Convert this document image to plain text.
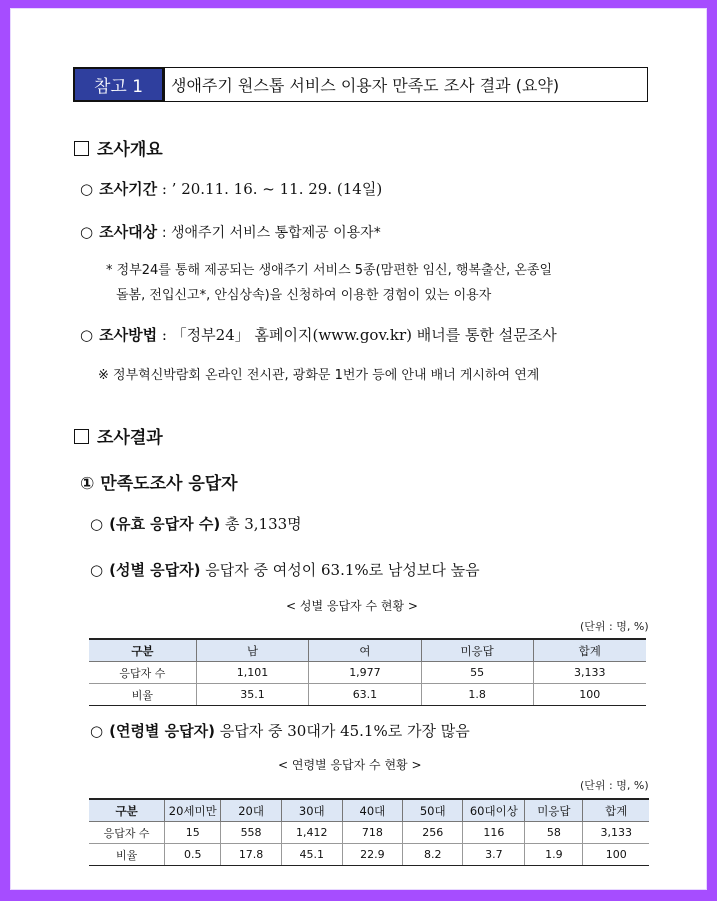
참고 1	생애주기 원스톱 서비스 이용자 만족도 조사 결과 (요약)
조사개요
○ 조사기간 : ’ 20.11. 16. ~ 11. 29. (14일)
○ 조사대상 : 생애주기 서비스 통합제공 이용자*
* 정부24를 통해 제공되는 생애주기 서비스 5종(맘편한 임신, 행복출산, 온종일
돌봄, 전입신고*, 안심상속)을 신청하여 이용한 경험이 있는 이용자
○ 조사방법 : 「정부24」 홈페이지(www.gov.kr) 배너를 통한 설문조사
※ 정부혁신박람회 온라인 전시관, 광화문 1번가 등에 안내 배너 게시하여 연계
조사결과
① 만족도조사 응답자
○ (유효 응답자 수) 총 3,133명
○ (성별 응답자) 응답자 중 여성이 63.1%로 남성보다 높음
< 성별 응답자 수 현황 >
(단위 : 명, %)
구분	남	여	미응답	합계
응답자 수	1,101	1,977	55	3,133
비율	35.1	63.1	1.8	100
○ (연령별 응답자) 응답자 중 30대가 45.1%로 가장 많음
< 연령별 응답자 수 현황 >
(단위 : 명, %)
구분	20세미만	20대	30대	40대	50대	60대이상	미응답	합계
응답자 수	15	558	1,412	718	256	116	58	3,133
비율	0.5	17.8	45.1	22.9	8.2	3.7	1.9	100
